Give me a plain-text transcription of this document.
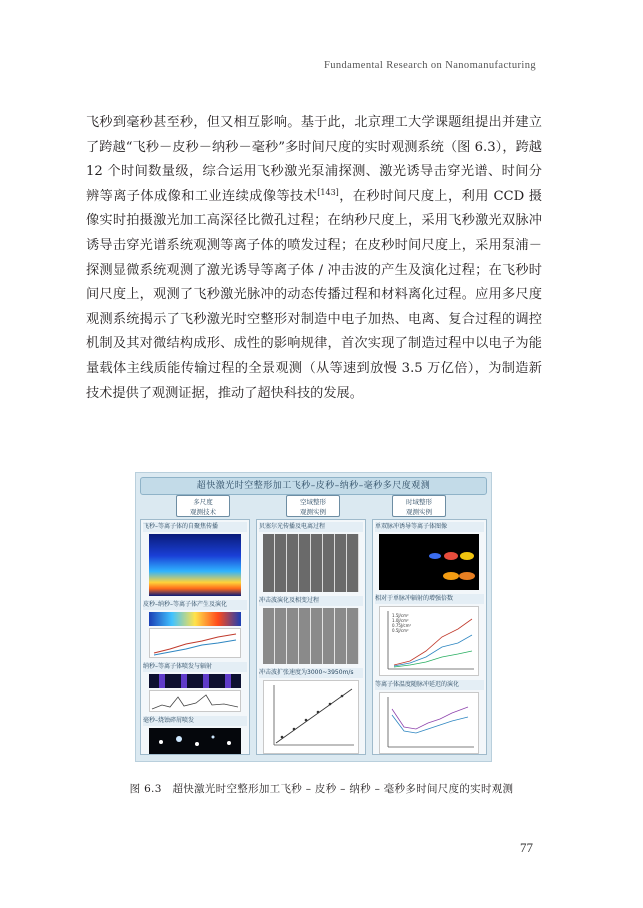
Fundamental Research on Nanomanufacturing
飞秒到毫秒甚至秒，但又相互影响。基于此，北京理工大学课题组提出并建立了跨越“飞秒－皮秒－纳秒－毫秒”多时间尺度的实时观测系统（图 6.3），跨越 12 个时间数量级，综合运用飞秒激光泵浦探测、激光诱导击穿光谱、时间分辨等离子体成像和工业连续成像等技术[143]，在秒时间尺度上，利用 CCD 摄像实时拍摄激光加工高深径比微孔过程；在纳秒尺度上，采用飞秒激光双脉冲诱导击穿光谱系统观测等离子体的喷发过程；在皮秒时间尺度上，采用泵浦－探测显微系统观测了激光诱导等离子体 / 冲击波的产生及演化过程；在飞秒时间尺度上，观测了飞秒激光脉冲的动态传播过程和材料离化过程。应用多尺度观测系统揭示了飞秒激光时空整形对制造中电子加热、电离、复合过程的调控机制及其对微结构成形、成性的影响规律，首次实现了制造过程中以电子为能量载体主线质能传输过程的全景观测（从等速到放慢 3.5 万亿倍），为制造新技术提供了观测证据，推动了超快科技的发展。
超快激光时空整形加工飞秒–皮秒–纳秒–毫秒多尺度观测
多尺度
观测技术
空域整形
观测实例
时域整形
观测实例
飞秒–等离子体的自聚焦传播
皮秒–纳秒–等离子体产生及演化
纳秒–等离子体喷发与辐射
毫秒–烧蚀碎屑喷发
贝塞尔光传播及电离过程
冲击波演化及相变过程
冲击波扩张速度为3000~3950m/s
单双脉冲诱导等离子体图像
相对于单脉冲辐射的增强倍数
1.5J/cm²
1.0J/cm²
0.75J/cm²
0.5J/cm²
等离子体温度随脉冲延迟的演化
图 6.3　超快激光时空整形加工飞秒 – 皮秒 – 纳秒 – 毫秒多时间尺度的实时观测
77
